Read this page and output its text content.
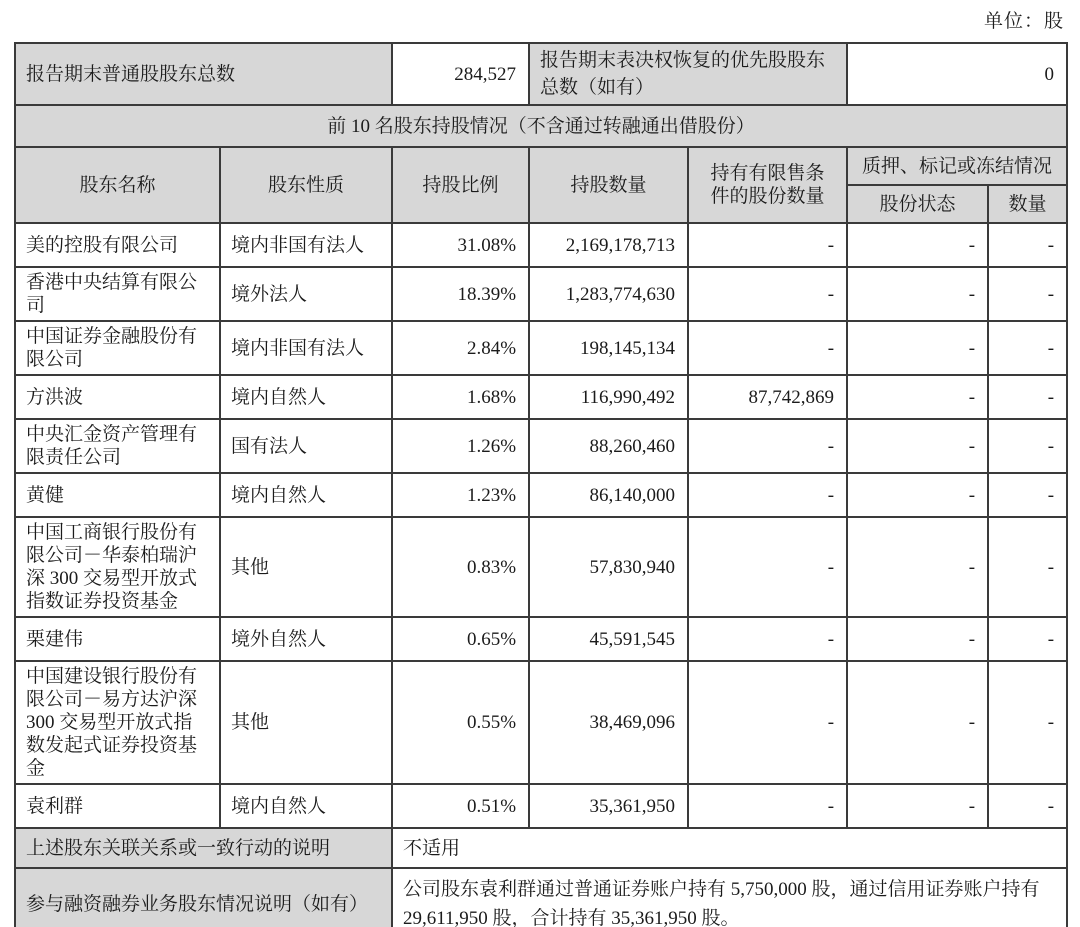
单位：股
报告期末普通股股东总数		284,527	报告期末表决权恢复的优先股股东总数（如有）		0	
前 10 名股东持股情况（不含通过转融通出借股份）						
股东名称	股东性质	持股比例	持股数量	持有有限售条件的股份数量	质押、标记或冻结情况	
					股份状态	数量
美的控股有限公司	境内非国有法人	31.08%	2,169,178,713	-	-	-
香港中央结算有限公司	境外法人	18.39%	1,283,774,630	-	-	-
中国证券金融股份有限公司	境内非国有法人	2.84%	198,145,134	-	-	-
方洪波	境内自然人	1.68%	116,990,492	87,742,869	-	-
中央汇金资产管理有限责任公司	国有法人	1.26%	88,260,460	-	-	-
黄健	境内自然人	1.23%	86,140,000	-	-	-
中国工商银行股份有限公司－华泰柏瑞沪深 300 交易型开放式指数证券投资基金	其他	0.83%	57,830,940	-	-	-
栗建伟	境外自然人	0.65%	45,591,545	-	-	-
中国建设银行股份有限公司－易方达沪深 300 交易型开放式指数发起式证券投资基金	其他	0.55%	38,469,096	-	-	-
袁利群	境内自然人	0.51%	35,361,950	-	-	-
上述股东关联关系或一致行动的说明		不适用				
参与融资融券业务股东情况说明（如有）		公司股东袁利群通过普通证券账户持有 5,750,000 股，通过信用证券账户持有 29,611,950 股，合计持有 35,361,950 股。				
